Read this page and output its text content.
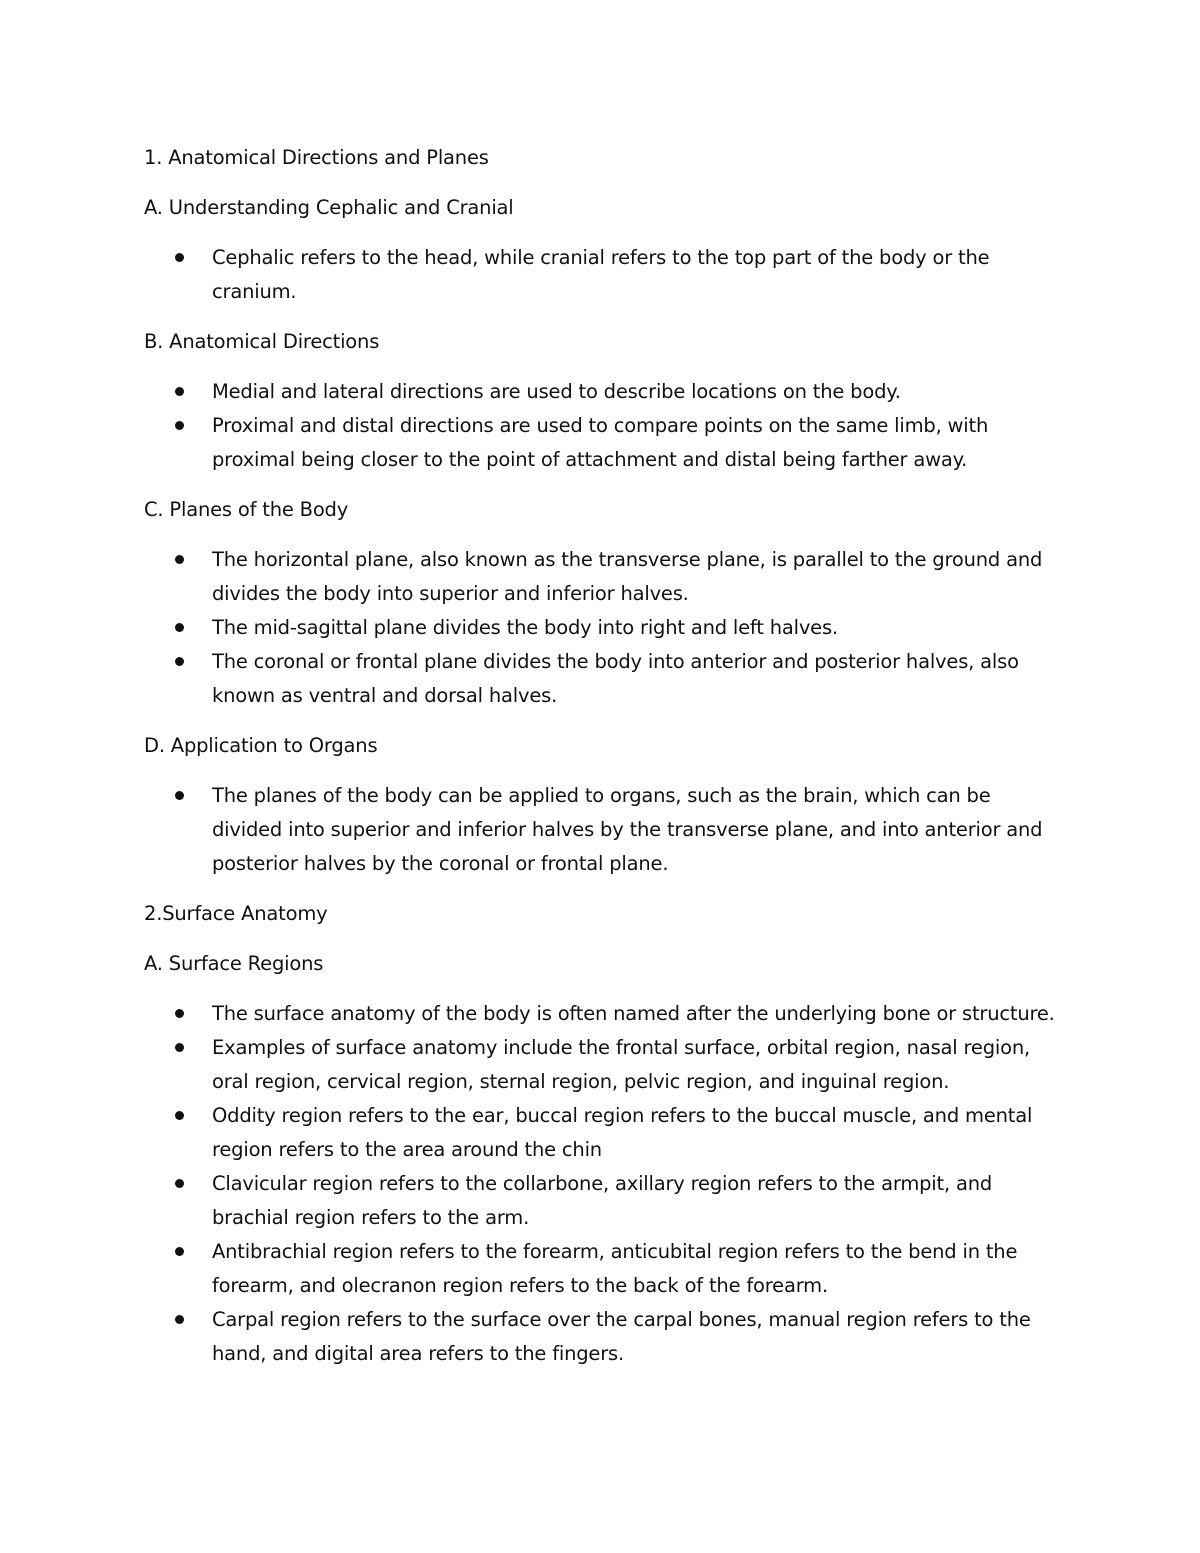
1. Anatomical Directions and Planes
A. Understanding Cephalic and Cranial
Cephalic refers to the head, while cranial refers to the top part of the body or the cranium.
B. Anatomical Directions
Medial and lateral directions are used to describe locations on the body.
Proximal and distal directions are used to compare points on the same limb, with proximal being closer to the point of attachment and distal being farther away.
C. Planes of the Body
The horizontal plane, also known as the transverse plane, is parallel to the ground and divides the body into superior and inferior halves.
The mid-sagittal plane divides the body into right and left halves.
The coronal or frontal plane divides the body into anterior and posterior halves, also known as ventral and dorsal halves.
D. Application to Organs
The planes of the body can be applied to organs, such as the brain, which can be divided into superior and inferior halves by the transverse plane, and into anterior and posterior halves by the coronal or frontal plane.
2.Surface Anatomy
A. Surface Regions
The surface anatomy of the body is often named after the underlying bone or structure.
Examples of surface anatomy include the frontal surface, orbital region, nasal region, oral region, cervical region, sternal region, pelvic region, and inguinal region.
Oddity region refers to the ear, buccal region refers to the buccal muscle, and mental region refers to the area around the chin
Clavicular region refers to the collarbone, axillary region refers to the armpit, and brachial region refers to the arm.
Antibrachial region refers to the forearm, anticubital region refers to the bend in the forearm, and olecranon region refers to the back of the forearm.
Carpal region refers to the surface over the carpal bones, manual region refers to the hand, and digital area refers to the fingers.
